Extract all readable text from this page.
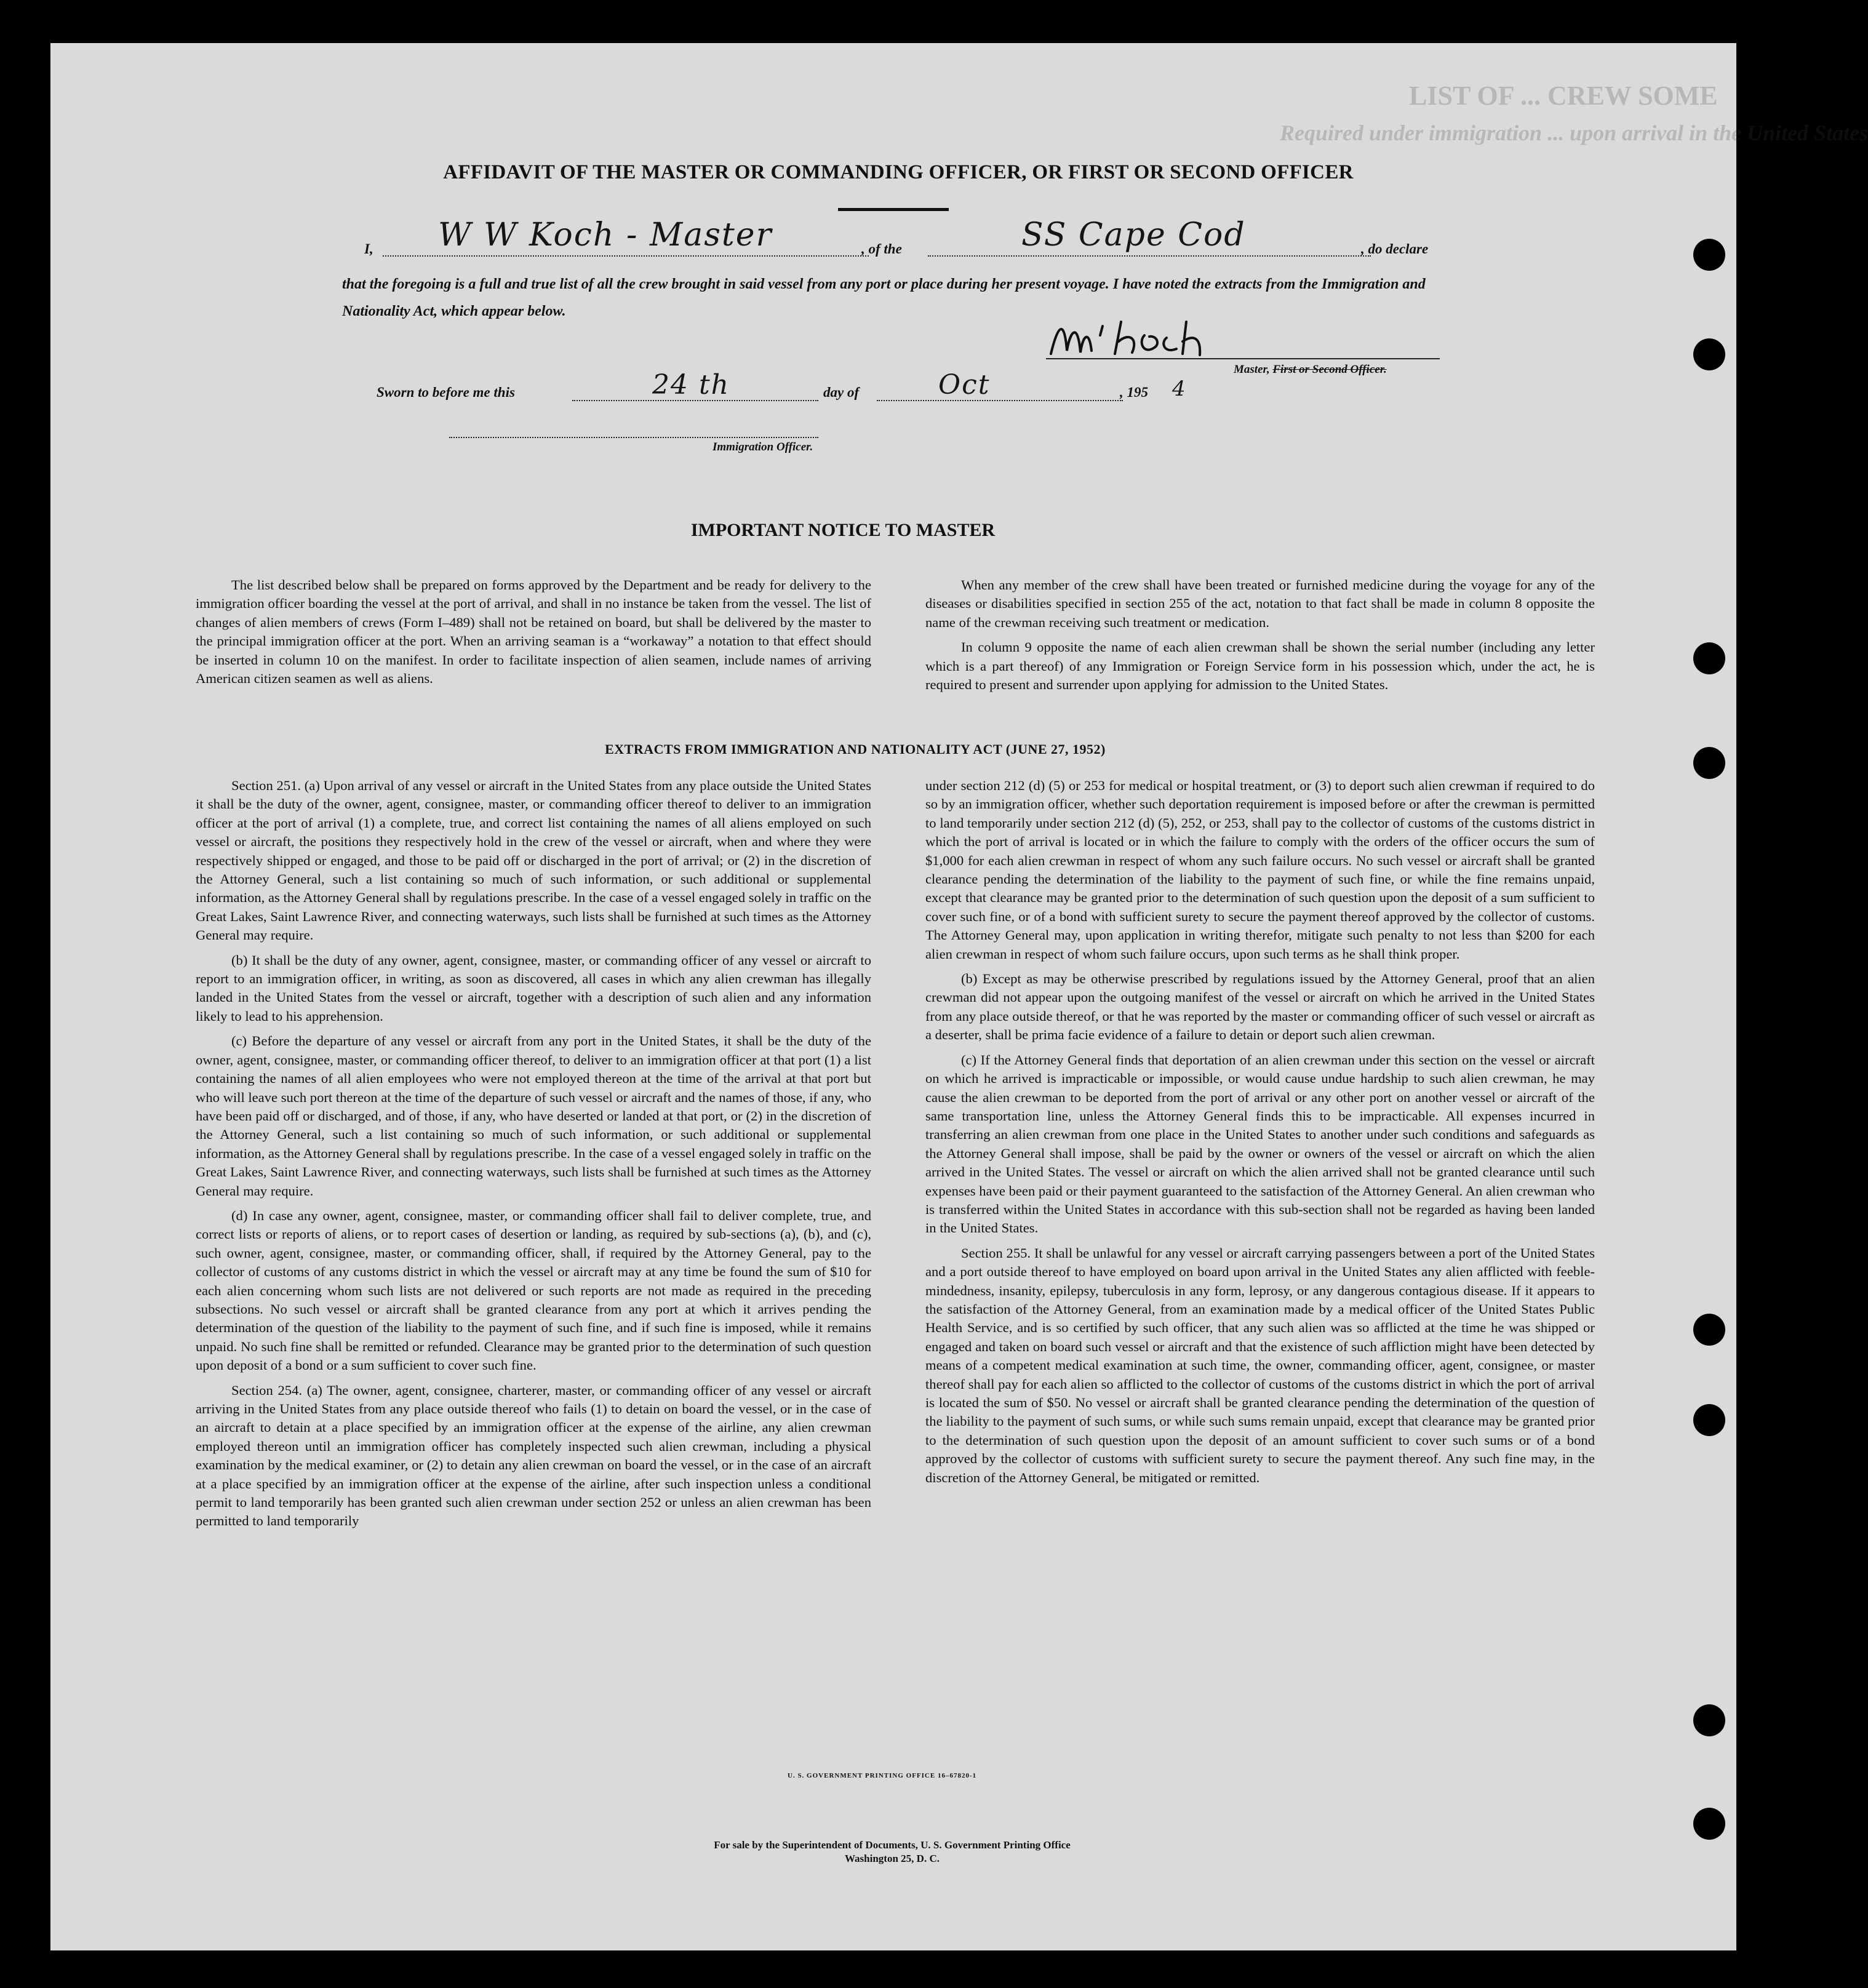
LIST OF ... CREW SOME
Required under immigration ... upon arrival in the United States
AFFIDAVIT OF THE MASTER OR COMMANDING OFFICER, OR FIRST OR SECOND OFFICER
I, W W Koch - Master	, of the	SS Cape Cod	, do declare
that the foregoing is a full and true list of all the crew brought in said vessel from any port or place during her present voyage. I have noted the extracts from the Immigration and Nationality Act, which appear below.
Master, First or Second Officer.
Sworn to before me this	24 th	day of	Oct	, 195 4
Immigration Officer.
IMPORTANT NOTICE TO MASTER

The list described below shall be prepared on forms approved by the Department and be ready for delivery to the immigration officer boarding the vessel at the port of arrival, and shall in no instance be taken from the vessel. The list of changes of alien members of crews (Form I–489) shall not be retained on board, but shall be delivered by the master to the principal immigration officer at the port. When an arriving seaman is a “workaway” a notation to that effect should be inserted in column 10 on the manifest. In order to facilitate inspection of alien seamen, include names of arriving American citizen seamen as well as aliens.

When any member of the crew shall have been treated or furnished medicine during the voyage for any of the diseases or disabilities specified in section 255 of the act, notation to that fact shall be made in column 8 opposite the name of the crewman receiving such treatment or medication.

In column 9 opposite the name of each alien crewman shall be shown the serial number (including any letter which is a part thereof) of any Immigration or Foreign Service form in his possession which, under the act, he is required to present and surrender upon applying for admission to the United States.

EXTRACTS FROM IMMIGRATION AND NATIONALITY ACT (JUNE 27, 1952)

Section 251. (a) Upon arrival of any vessel or aircraft in the United States from any place outside the United States it shall be the duty of the owner, agent, consignee, master, or commanding officer thereof to deliver to an immigration officer at the port of arrival (1) a complete, true, and correct list containing the names of all aliens employed on such vessel or aircraft, the positions they respectively hold in the crew of the vessel or aircraft, when and where they were respectively shipped or engaged, and those to be paid off or discharged in the port of arrival; or (2) in the discretion of the Attorney General, such a list containing so much of such information, or such additional or supplemental information, as the Attorney General shall by regulations prescribe. In the case of a vessel engaged solely in traffic on the Great Lakes, Saint Lawrence River, and connecting waterways, such lists shall be furnished at such times as the Attorney General may require.

(b) It shall be the duty of any owner, agent, consignee, master, or commanding officer of any vessel or aircraft to report to an immigration officer, in writing, as soon as discovered, all cases in which any alien crewman has illegally landed in the United States from the vessel or aircraft, together with a description of such alien and any information likely to lead to his apprehension.

(c) Before the departure of any vessel or aircraft from any port in the United States, it shall be the duty of the owner, agent, consignee, master, or commanding officer thereof, to deliver to an immigration officer at that port (1) a list containing the names of all alien employees who were not employed thereon at the time of the arrival at that port but who will leave such port thereon at the time of the departure of such vessel or aircraft and the names of those, if any, who have been paid off or discharged, and of those, if any, who have deserted or landed at that port, or (2) in the discretion of the Attorney General, such a list containing so much of such information, or such additional or supplemental information, as the Attorney General shall by regulations prescribe. In the case of a vessel engaged solely in traffic on the Great Lakes, Saint Lawrence River, and connecting waterways, such lists shall be furnished at such times as the Attorney General may require.

(d) In case any owner, agent, consignee, master, or commanding officer shall fail to deliver complete, true, and correct lists or reports of aliens, or to report cases of desertion or landing, as required by sub-sections (a), (b), and (c), such owner, agent, consignee, master, or commanding officer, shall, if required by the Attorney General, pay to the collector of customs of any customs district in which the vessel or aircraft may at any time be found the sum of $10 for each alien concerning whom such lists are not delivered or such reports are not made as required in the preceding subsections. No such vessel or aircraft shall be granted clearance from any port at which it arrives pending the determination of the question of the liability to the payment of such fine, and if such fine is imposed, while it remains unpaid. No such fine shall be remitted or refunded. Clearance may be granted prior to the determination of such question upon deposit of a bond or a sum sufficient to cover such fine.

Section 254. (a) The owner, agent, consignee, charterer, master, or commanding officer of any vessel or aircraft arriving in the United States from any place outside thereof who fails (1) to detain on board the vessel, or in the case of an aircraft to detain at a place specified by an immigration officer at the expense of the airline, any alien crewman employed thereon until an immigration officer has completely inspected such alien crewman, including a physical examination by the medical examiner, or (2) to detain any alien crewman on board the vessel, or in the case of an aircraft at a place specified by an immigration officer at the expense of the airline, after such inspection unless a conditional permit to land temporarily has been granted such alien crewman under section 252 or unless an alien crewman has been permitted to land temporarily

under section 212 (d) (5) or 253 for medical or hospital treatment, or (3) to deport such alien crewman if required to do so by an immigration officer, whether such deportation requirement is imposed before or after the crewman is permitted to land temporarily under section 212 (d) (5), 252, or 253, shall pay to the collector of customs of the customs district in which the port of arrival is located or in which the failure to comply with the orders of the officer occurs the sum of $1,000 for each alien crewman in respect of whom any such failure occurs. No such vessel or aircraft shall be granted clearance pending the determination of the liability to the payment of such fine, or while the fine remains unpaid, except that clearance may be granted prior to the determination of such question upon the deposit of a sum sufficient to cover such fine, or of a bond with sufficient surety to secure the payment thereof approved by the collector of customs. The Attorney General may, upon application in writing therefor, mitigate such penalty to not less than $200 for each alien crewman in respect of whom such failure occurs, upon such terms as he shall think proper.

(b) Except as may be otherwise prescribed by regulations issued by the Attorney General, proof that an alien crewman did not appear upon the outgoing manifest of the vessel or aircraft on which he arrived in the United States from any place outside thereof, or that he was reported by the master or commanding officer of such vessel or aircraft as a deserter, shall be prima facie evidence of a failure to detain or deport such alien crewman.

(c) If the Attorney General finds that deportation of an alien crewman under this section on the vessel or aircraft on which he arrived is impracticable or impossible, or would cause undue hardship to such alien crewman, he may cause the alien crewman to be deported from the port of arrival or any other port on another vessel or aircraft of the same transportation line, unless the Attorney General finds this to be impracticable. All expenses incurred in transferring an alien crewman from one place in the United States to another under such conditions and safeguards as the Attorney General shall impose, shall be paid by the owner or owners of the vessel or aircraft on which the alien arrived in the United States. The vessel or aircraft on which the alien arrived shall not be granted clearance until such expenses have been paid or their payment guaranteed to the satisfaction of the Attorney General. An alien crewman who is transferred within the United States in accordance with this sub-section shall not be regarded as having been landed in the United States.

Section 255. It shall be unlawful for any vessel or aircraft carrying passengers between a port of the United States and a port outside thereof to have employed on board upon arrival in the United States any alien afflicted with feeble-mindedness, insanity, epilepsy, tuberculosis in any form, leprosy, or any dangerous contagious disease. If it appears to the satisfaction of the Attorney General, from an examination made by a medical officer of the United States Public Health Service, and is so certified by such officer, that any such alien was so afflicted at the time he was shipped or engaged and taken on board such vessel or aircraft and that the existence of such affliction might have been detected by means of a competent medical examination at such time, the owner, commanding officer, agent, consignee, or master thereof shall pay for each alien so afflicted to the collector of customs of the customs district in which the port of arrival is located the sum of $50. No vessel or aircraft shall be granted clearance pending the determination of the question of the liability to the payment of such sums, or while such sums remain unpaid, except that clearance may be granted prior to the determination of such question upon the deposit of an amount sufficient to cover such sums or of a bond approved by the collector of customs with sufficient surety to secure the payment thereof. Any such fine may, in the discretion of the Attorney General, be mitigated or remitted.

U. S. GOVERNMENT PRINTING OFFICE 16–67820-1
For sale by the Superintendent of Documents, U. S. Government Printing Office
Washington 25, D. C.
